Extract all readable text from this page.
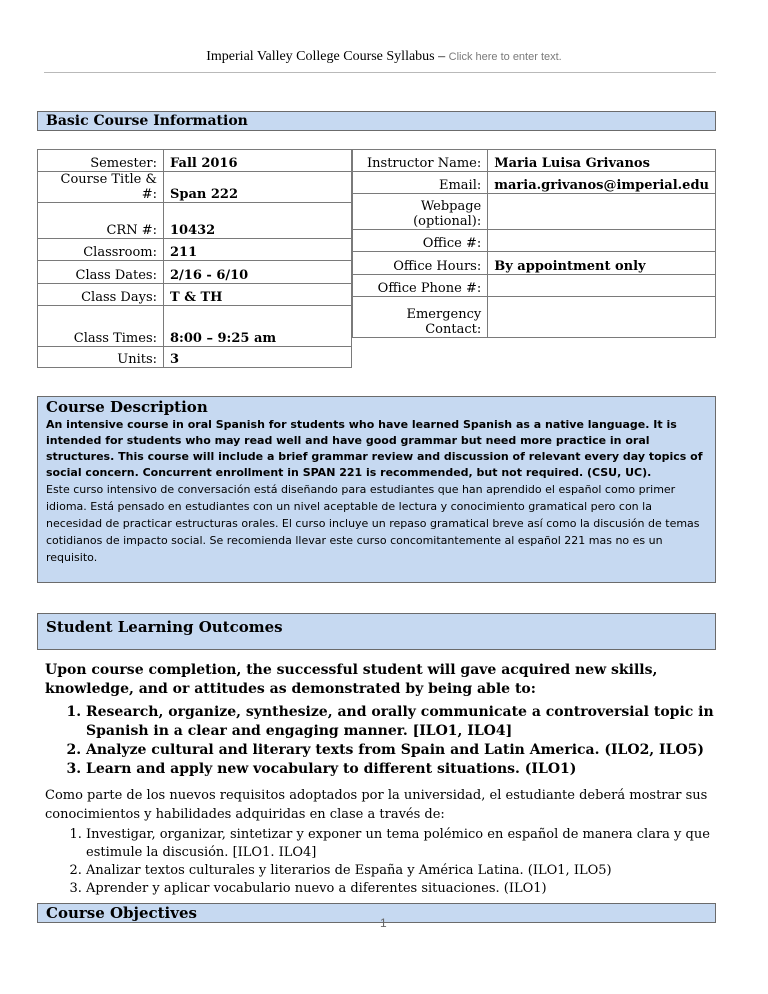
Imperial Valley College Course Syllabus – Click here to enter text.
Basic Course Information
Semester:	Fall 2016
Course Title & #:	Span 222
CRN #:	10432
Classroom:	211
Class Dates:	2/16 - 6/10
Class Days:	T & TH
Class Times:	8:00 – 9:25 am
Units:	3
Instructor Name:	Maria Luisa Grivanos
Email:	maria.grivanos@imperial.edu
Webpage (optional):	
Office #:	
Office Hours:	By appointment only
Office Phone #:	
Emergency Contact:	
Course Description
An intensive course in oral Spanish for students who have learned Spanish as a native language. It is intended for students who may read well and have good grammar but need more practice in oral structures. This course will include a brief grammar review and discussion of relevant every day topics of social concern. Concurrent enrollment in SPAN 221 is recommended, but not required. (CSU, UC).
Este curso intensivo de conversación está diseñando para estudiantes que han aprendido el español como primer idioma. Está pensado en estudiantes con un nivel aceptable de lectura y conocimiento gramatical pero con la necesidad de practicar estructuras orales. El curso incluye un repaso gramatical breve así como la discusión de temas cotidianos de impacto social. Se recomienda llevar este curso concomitantemente al español 221 mas no es un requisito.
Student Learning Outcomes
Upon course completion, the successful student will gave acquired new skills, knowledge, and or attitudes as demonstrated by being able to:
1. Research, organize, synthesize, and orally communicate a controversial topic in Spanish in a clear and engaging manner. [ILO1, ILO4]
2. Analyze cultural and literary texts from Spain and Latin America. (ILO2, ILO5)
3. Learn and apply new vocabulary to different situations. (ILO1)
Como parte de los nuevos requisitos adoptados por la universidad, el estudiante deberá mostrar sus conocimientos y habilidades adquiridas en clase a través de:
1. Investigar, organizar, sintetizar y exponer un tema polémico en español de manera clara y que estimule la discusión. [ILO1. ILO4]
2. Analizar textos culturales y literarios de España y América Latina. (ILO1, ILO5)
3. Aprender y aplicar vocabulario nuevo a diferentes situaciones. (ILO1)
Course Objectives
1
